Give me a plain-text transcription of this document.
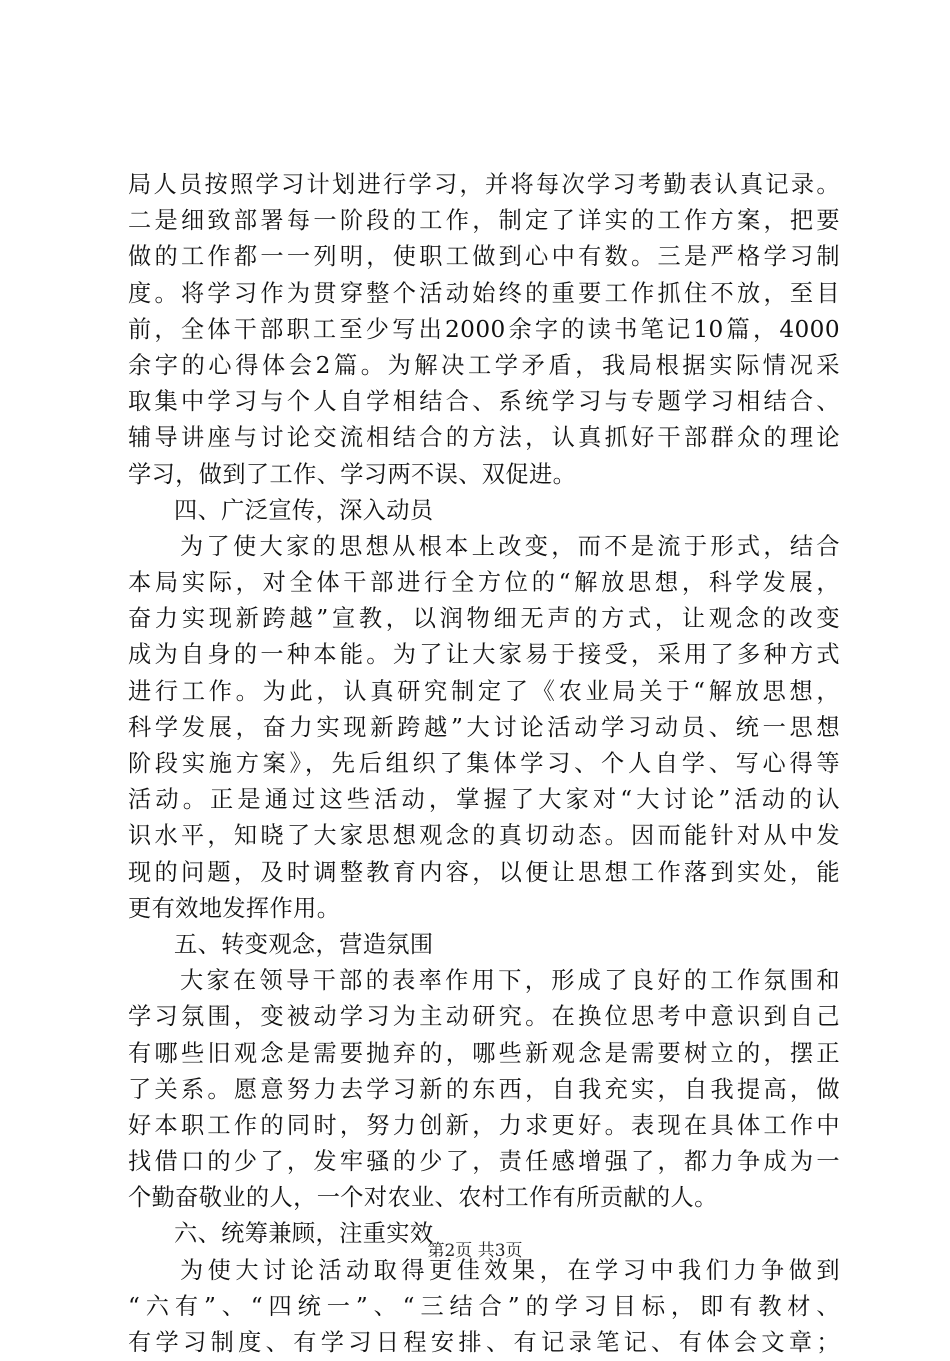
局人员按照学习计划进行学习，并将每次学习考勤表认真记录。
二是细致部署每一阶段的工作，制定了详实的工作方案，把要
做的工作都一一列明，使职工做到心中有数。三是严格学习制
度。将学习作为贯穿整个活动始终的重要工作抓住不放，至目
前，全体干部职工至少写出2000余字的读书笔记10篇，4000
余字的心得体会2篇。为解决工学矛盾，我局根据实际情况采
取集中学习与个人自学相结合、系统学习与专题学习相结合、
辅导讲座与讨论交流相结合的方法，认真抓好干部群众的理论
学习，做到了工作、学习两不误、双促进。
四、广泛宣传，深入动员
为了使大家的思想从根本上改变，而不是流于形式，结合
本局实际，对全体干部进行全方位的“解放思想，科学发展，
奋力实现新跨越”宣教，以润物细无声的方式，让观念的改变
成为自身的一种本能。为了让大家易于接受，采用了多种方式
进行工作。为此，认真研究制定了《农业局关于“解放思想，
科学发展，奋力实现新跨越”大讨论活动学习动员、统一思想
阶段实施方案》，先后组织了集体学习、个人自学、写心得等
活动。正是通过这些活动，掌握了大家对“大讨论”活动的认
识水平，知晓了大家思想观念的真切动态。因而能针对从中发
现的问题，及时调整教育内容，以便让思想工作落到实处，能
更有效地发挥作用。
五、转变观念，营造氛围
大家在领导干部的表率作用下，形成了良好的工作氛围和
学习氛围，变被动学习为主动研究。在换位思考中意识到自己
有哪些旧观念是需要抛弃的，哪些新观念是需要树立的，摆正
了关系。愿意努力去学习新的东西，自我充实，自我提高，做
好本职工作的同时，努力创新，力求更好。表现在具体工作中
找借口的少了，发牢骚的少了，责任感增强了，都力争成为一
个勤奋敬业的人，一个对农业、农村工作有所贡献的人。
六、统筹兼顾，注重实效
为使大讨论活动取得更佳效果，在学习中我们力争做到
“六有”、“四统一”、“三结合”的学习目标，即有教材、
有学习制度、有学习日程安排、有记录笔记、有体会文章；
第2页 共3页
